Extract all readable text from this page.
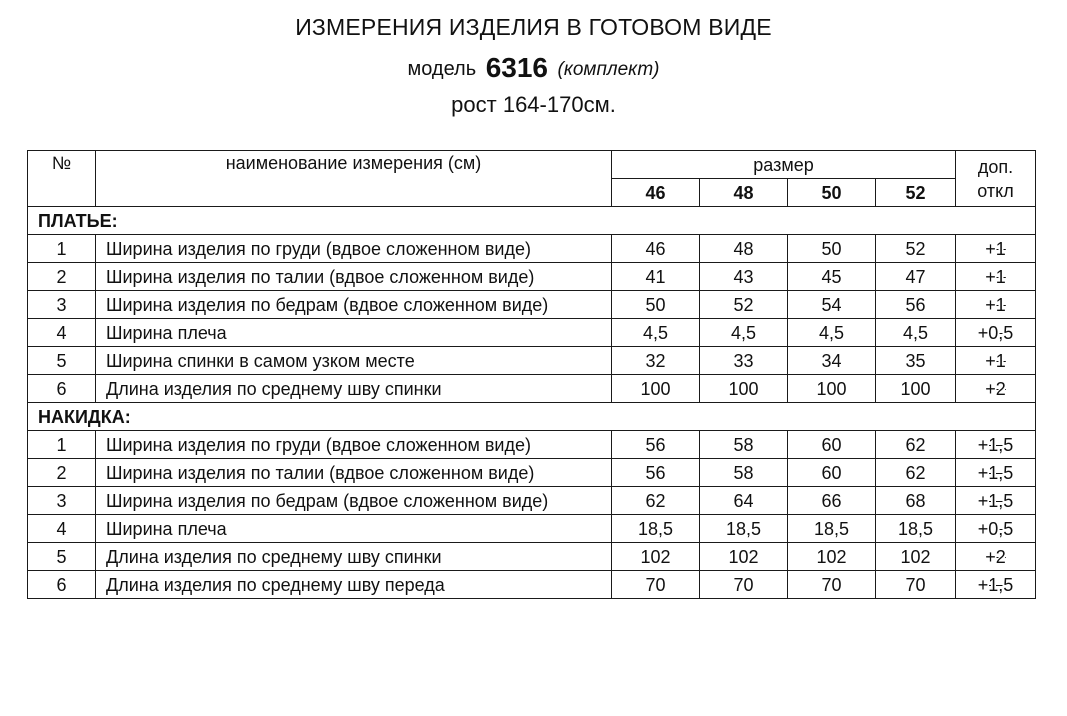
ИЗМЕРЕНИЯ ИЗДЕЛИЯ В ГОТОВОМ ВИДЕ
модель 6316 (комплект)
рост 164-170см.
№	наименование измерения (см)	размер				доп.
откл

		46	48	50	52	
ПЛАТЬЕ:						
1	Ширина изделия по груди (вдвое сложенном виде)	46	48	50	52	+1
2	Ширина изделия по талии (вдвое сложенном виде)	41	43	45	47	+1
3	Ширина изделия по бедрам (вдвое сложенном виде)	50	52	54	56	+1
4	Ширина плеча	4,5	4,5	4,5	4,5	+0,5
5	Ширина спинки в самом узком месте	32	33	34	35	+1
6	Длина изделия по среднему шву спинки	100	100	100	100	+2
НАКИДКА:						
1	Ширина изделия по груди (вдвое сложенном виде)	56	58	60	62	+1,5
2	Ширина изделия по талии (вдвое сложенном виде)	56	58	60	62	+1,5
3	Ширина изделия по бедрам (вдвое сложенном виде)	62	64	66	68	+1,5
4	Ширина плеча	18,5	18,5	18,5	18,5	+0,5
5	Длина изделия по среднему шву спинки	102	102	102	102	+2
6	Длина изделия по среднему шву переда	70	70	70	70	+1,5
